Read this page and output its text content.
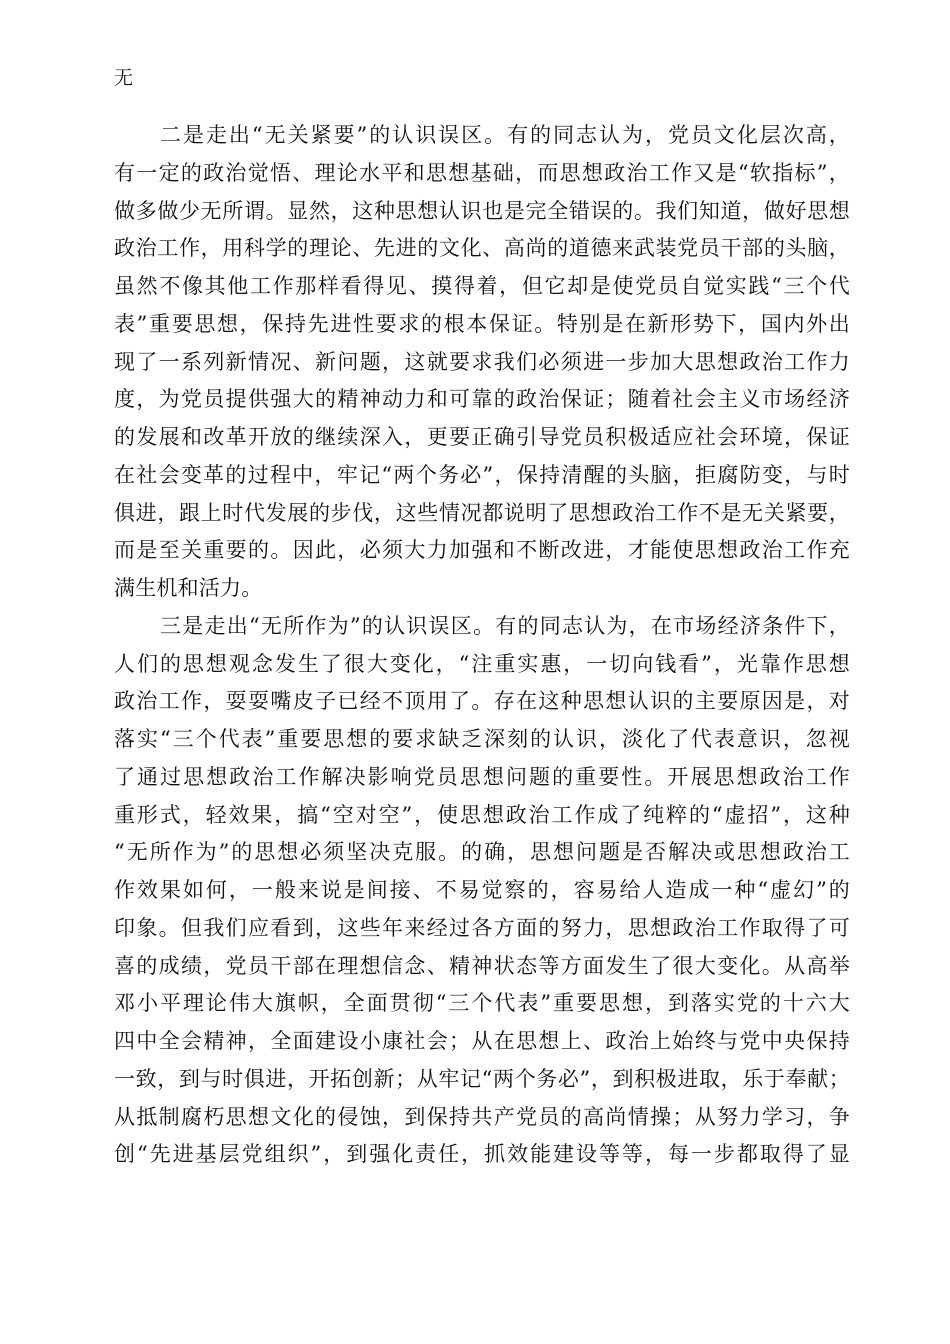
无
二是走出“无关紧要”的认识误区。有的同志认为，党员文化层次高，
有一定的政治觉悟、理论水平和思想基础，而思想政治工作又是“软指标”，
做多做少无所谓。显然，这种思想认识也是完全错误的。我们知道，做好思想
政治工作，用科学的理论、先进的文化、高尚的道德来武装党员干部的头脑，
虽然不像其他工作那样看得见、摸得着，但它却是使党员自觉实践“三个代
表”重要思想，保持先进性要求的根本保证。特别是在新形势下，国内外出
现了一系列新情况、新问题，这就要求我们必须进一步加大思想政治工作力
度，为党员提供强大的精神动力和可靠的政治保证；随着社会主义市场经济
的发展和改革开放的继续深入，更要正确引导党员积极适应社会环境，保证
在社会变革的过程中，牢记“两个务必”，保持清醒的头脑，拒腐防变，与时
俱进，跟上时代发展的步伐，这些情况都说明了思想政治工作不是无关紧要，
而是至关重要的。因此，必须大力加强和不断改进，才能使思想政治工作充
满生机和活力。
三是走出“无所作为”的认识误区。有的同志认为，在市场经济条件下，
人们的思想观念发生了很大变化，“注重实惠，一切向钱看”，光靠作思想
政治工作，耍耍嘴皮子已经不顶用了。存在这种思想认识的主要原因是，对
落实“三个代表”重要思想的要求缺乏深刻的认识，淡化了代表意识，忽视
了通过思想政治工作解决影响党员思想问题的重要性。开展思想政治工作
重形式，轻效果，搞“空对空”，使思想政治工作成了纯粹的“虚招”，这种
“无所作为”的思想必须坚决克服。的确，思想问题是否解决或思想政治工
作效果如何，一般来说是间接、不易觉察的，容易给人造成一种“虚幻”的
印象。但我们应看到，这些年来经过各方面的努力，思想政治工作取得了可
喜的成绩，党员干部在理想信念、精神状态等方面发生了很大变化。从高举
邓小平理论伟大旗帜，全面贯彻“三个代表”重要思想，到落实党的十六大
四中全会精神，全面建设小康社会；从在思想上、政治上始终与党中央保持
一致，到与时俱进，开拓创新；从牢记“两个务必”，到积极进取，乐于奉献；
从抵制腐朽思想文化的侵蚀，到保持共产党员的高尚情操；从努力学习，争
创“先进基层党组织”，到强化责任，抓效能建设等等，每一步都取得了显
